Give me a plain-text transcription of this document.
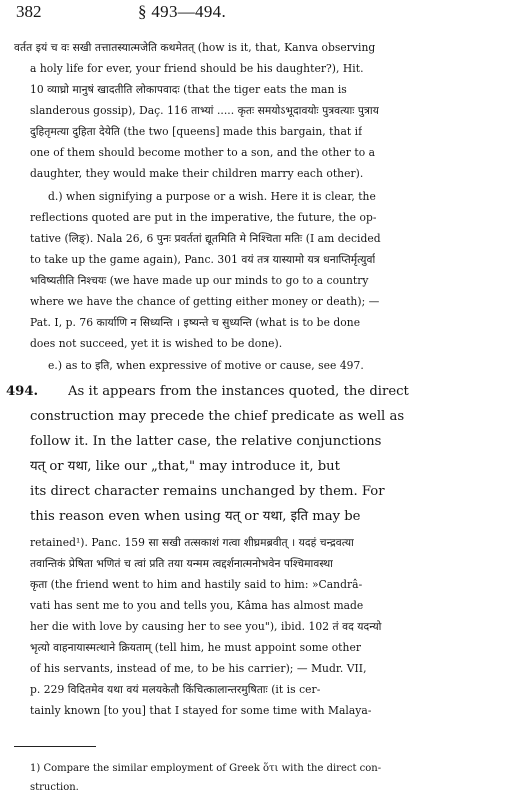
382	§ 493—494.
वर्तत इयं च वः सखी तत्तातस्यात्मजेति कथमेतत् (how is it, that, Kanva observing
a holy life for ever, your friend should be his daughter?), Hit.
10 व्याघ्रो मानुषं खादतीति लोकापवादः (that the tiger eats the man is
slanderous gossip), Daç. 116 ताभ्यां ..... कृतः समयोऽभूदावयोः पुत्रवत्याः पुत्राय
दुहितृमत्या दुहिता देयेति (the two [queens] made this bargain, that if
one of them should become mother to a son, and the other to a
daughter, they would make their children marry each other).
d.) when signifying a purpose or a wish. Here it is clear, the
reflections quoted are put in the imperative, the future, the op-
tative (लिङ्). Nala 26, 6 पुनः प्रवर्ततां द्यूतमिति मे निश्चिता मतिः (I am decided
to take up the game again), Panc. 301 वयं तत्र यास्यामो यत्र धनाप्तिर्मृत्युर्वा
भविष्यतीति निश्चयः (we have made up our minds to go to a country
where we have the chance of getting either money or death); —
Pat. I, p. 76 कार्याणि न सिध्यन्ति । इष्यन्ते च सुध्यन्ति (what is to be done
does not succeed, yet it is wished to be done).
e.) as to इति, when expressive of motive or cause, see 497.
494. As it appears from the instances quoted, the direct
construction may precede the chief predicate as well as
follow it. In the latter case, the relative conjunctions
यत् or यथा, like our „that," may introduce it, but
its direct character remains unchanged by them. For
this reason even when using यत् or यथा, इति may be
retained¹). Panc. 159 सा सखी तत्सकाशं गत्वा शीघ्रमब्रवीत् । यदहं चन्द्रवत्या
तवान्तिकं प्रेषिता भणितं च त्वां प्रति तया यन्मम त्वद्दर्शनात्मनोभवेन पश्चिमावस्था
कृता (the friend went to him and hastily said to him: »Candrâ-
vati has sent me to you and tells you, Kâma has almost made
her die with love by causing her to see you"), ibid. 102 तं वद यदन्यो
भृत्यो वाहनायास्मत्थाने क्रियताम् (tell him, he must appoint some other
of his servants, instead of me, to be his carrier); — Mudr. VII,
p. 229 विदितमेव यथा वयं मलयकेतौ किंचित्कालान्तरमुषिताः (it is cer-
tainly known [to you] that I stayed for some time with Malaya-
1) Compare the similar employment of Greek ὅτι with the direct con-
struction.
